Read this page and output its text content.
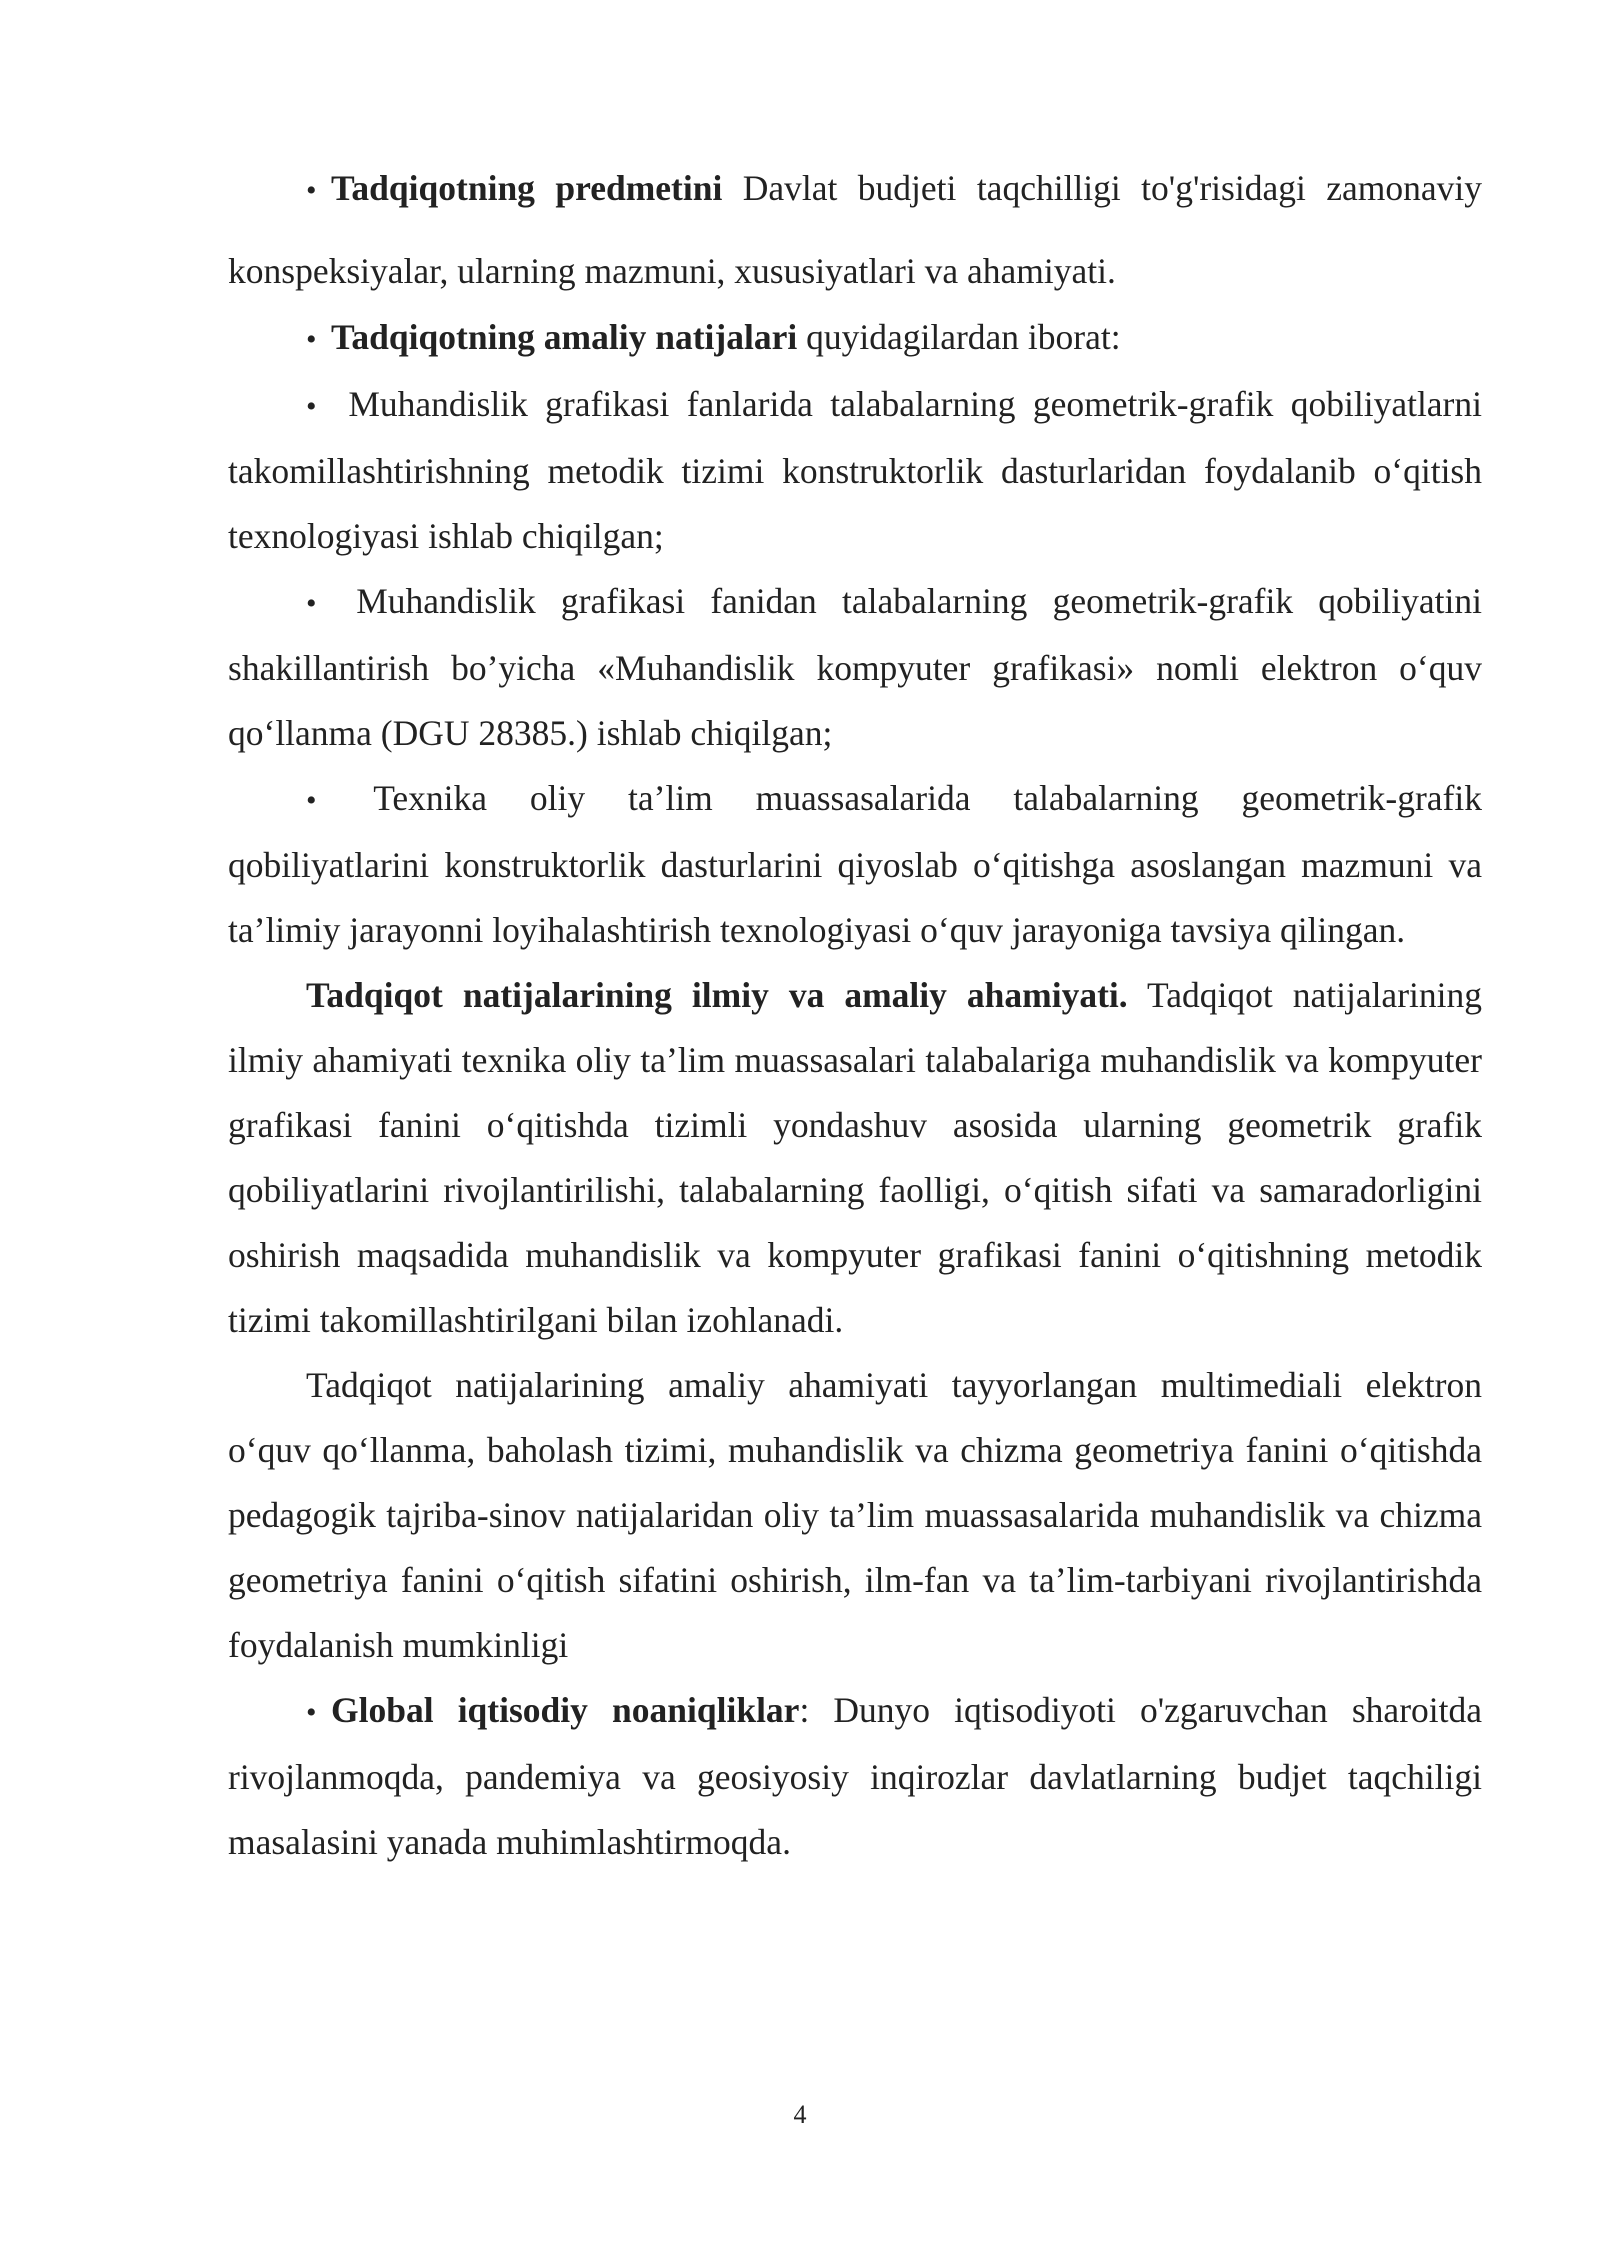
• Tadqiqotning predmetini Davlat budjeti taqchilligi to'g'risidagi zamonaviy konspeksiyalar, ularning mazmuni, xususiyatlari va ahamiyati.

• Tadqiqotning amaliy natijalari quyidagilardan iborat:

• Muhandislik grafikasi fanlarida talabalarning geometrik-grafik qobiliyatlarni takomillashtirishning metodik tizimi konstruktorlik dasturlaridan foydalanib o‘qitish texnologiyasi ishlab chiqilgan;

• Muhandislik grafikasi fanidan talabalarning geometrik-grafik qobiliyatini shakillantirish bo’yicha «Muhandislik kompyuter grafikasi» nomli elektron o‘quv qo‘llanma (DGU 28385.) ishlab chiqilgan;

• Texnika oliy ta’lim muassasalarida talabalarning geometrik-grafik qobiliyatlarini konstruktorlik dasturlarini qiyoslab o‘qitishga asoslangan mazmuni va ta’limiy jarayonni loyihalashtirish texnologiyasi o‘quv jarayoniga tavsiya qilingan.

Tadqiqot natijalarining ilmiy va amaliy ahamiyati. Tadqiqot natijalarining ilmiy ahamiyati texnika oliy ta’lim muassasalari talabalariga muhandislik va kompyuter grafikasi fanini o‘qitishda tizimli yondashuv asosida ularning geometrik grafik qobiliyatlarini rivojlantirilishi, talabalarning faolligi, o‘qitish sifati va samaradorligini oshirish maqsadida muhandislik va kompyuter grafikasi fanini o‘qitishning metodik tizimi takomillashtirilgani bilan izohlanadi.

Tadqiqot natijalarining amaliy ahamiyati tayyorlangan multimediali elektron o‘quv qo‘llanma, baholash tizimi, muhandislik va chizma geometriya fanini o‘qitishda pedagogik tajriba-sinov natijalaridan oliy ta’lim muassasalarida muhandislik va chizma geometriya fanini o‘qitish sifatini oshirish, ilm-fan va ta’lim-tarbiyani rivojlantirishda foydalanish mumkinligi

• Global iqtisodiy noaniqliklar: Dunyo iqtisodiyoti o'zgaruvchan sharoitda rivojlanmoqda, pandemiya va geosiyosiy inqirozlar davlatlarning budjet taqchiligi masalasini yanada muhimlashtirmoqda.

4
